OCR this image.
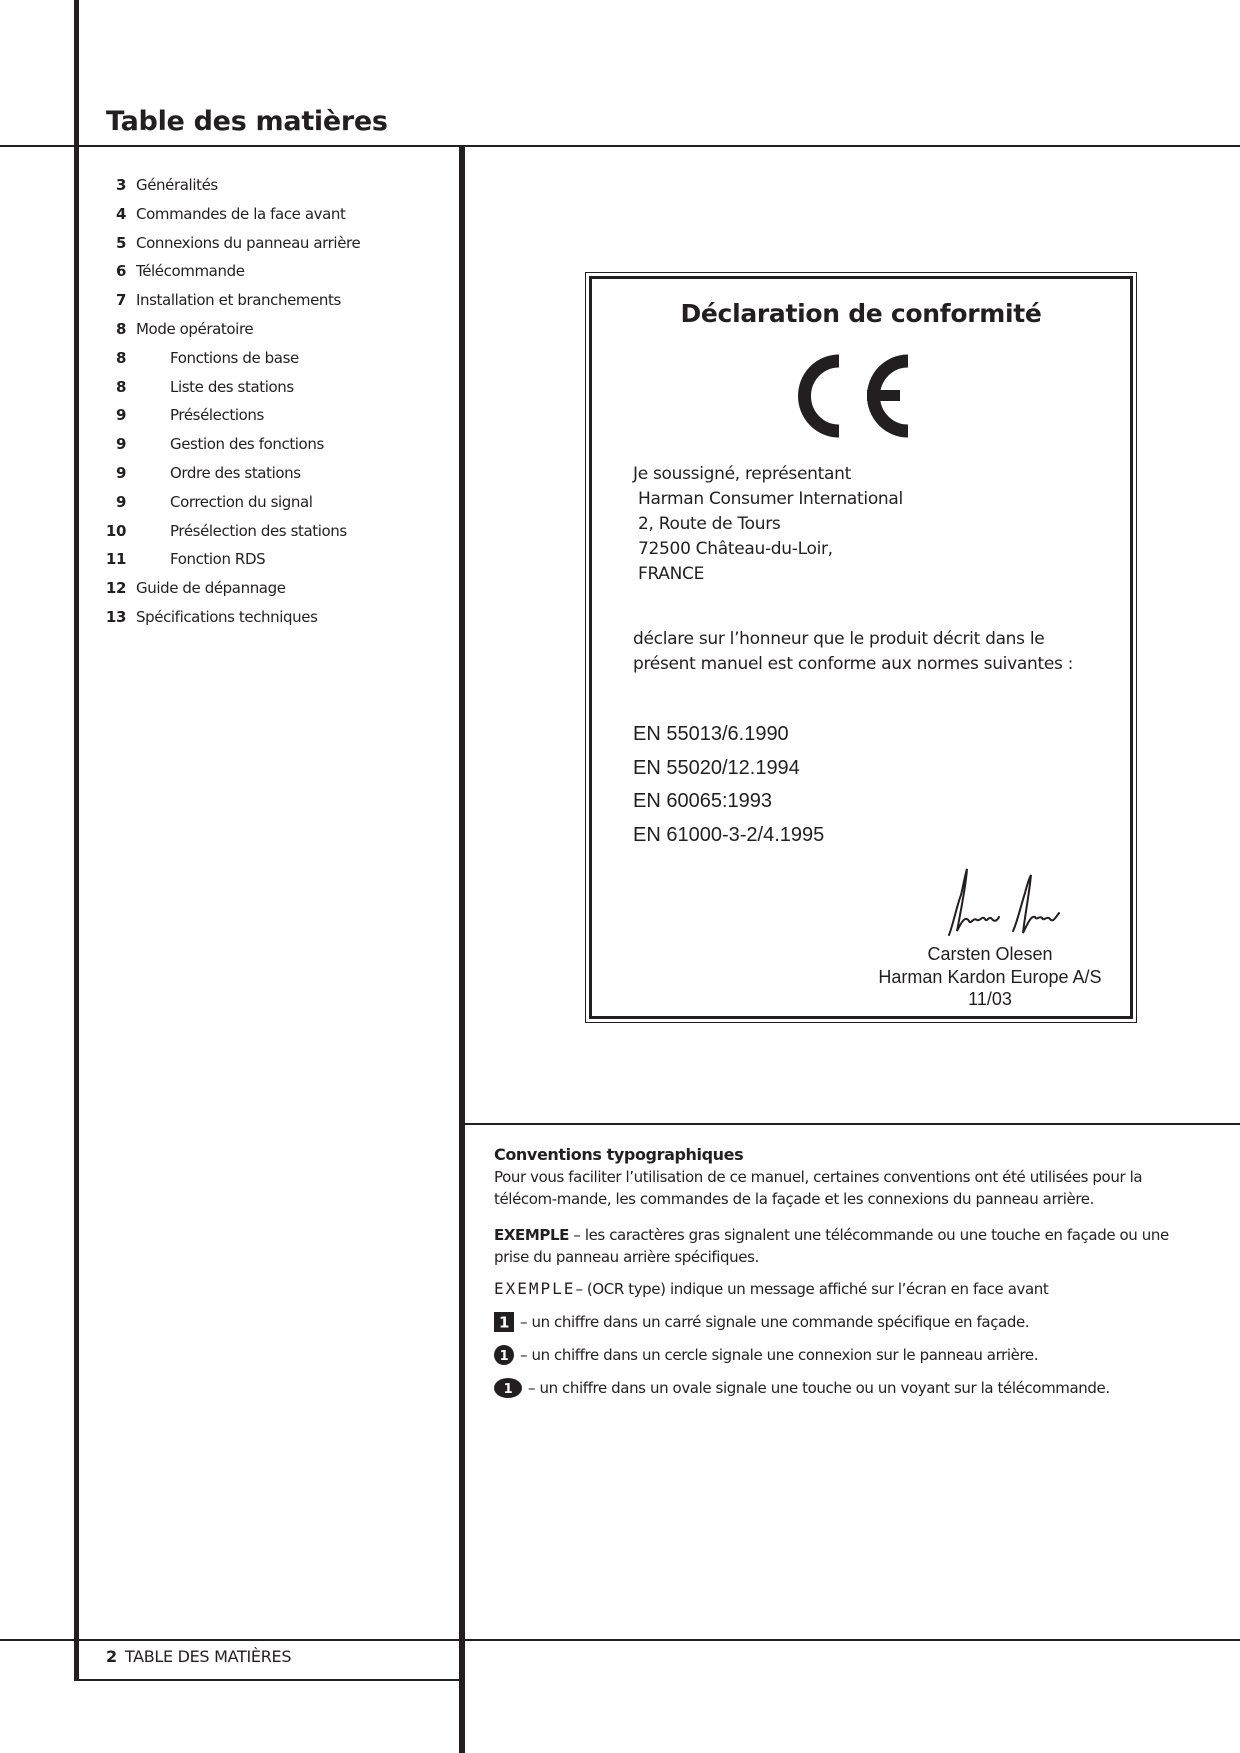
Table des matières
3 Généralités
4 Commandes de la face avant
5 Connexions du panneau arrière
6 Télécommande
7 Installation et branchements
8 Mode opératoire
8	Fonctions de base
8	Liste des stations
9	Présélections
9	Gestion des fonctions
9	Ordre des stations
9	Correction du signal
10	Présélection des stations
11	Fonction RDS
12 Guide de dépannage
13 Spécifications techniques
Déclaration de conformité
Je soussigné, représentant
Harman Consumer International
2, Route de Tours
72500 Château-du-Loir,
FRANCE
déclare sur l’honneur que le produit décrit dans le présent manuel est conforme aux normes suivantes :
EN 55013/6.1990
EN 55020/12.1994
EN 60065:1993
EN 61000-3-2/4.1995
Carsten Olesen
Harman Kardon Europe A/S
11/03

Conventions typographiques

Pour vous faciliter l’utilisation de ce manuel, certaines conventions ont été utilisées pour la télécom-mande, les commandes de la façade et les connexions du panneau arrière.

EXEMPLE – les caractères gras signalent une télécommande ou une touche en façade ou une prise du panneau arrière spécifiques.

EXEMPLE – (OCR type) indique un message affiché sur l’écran en face avant

1 – un chiffre dans un carré signale une commande spécifique en façade.

1 – un chiffre dans un cercle signale une connexion sur le panneau arrière.

1 – un chiffre dans un ovale signale une touche ou un voyant sur la télécommande.

2 TABLE DES MATIÈRES
